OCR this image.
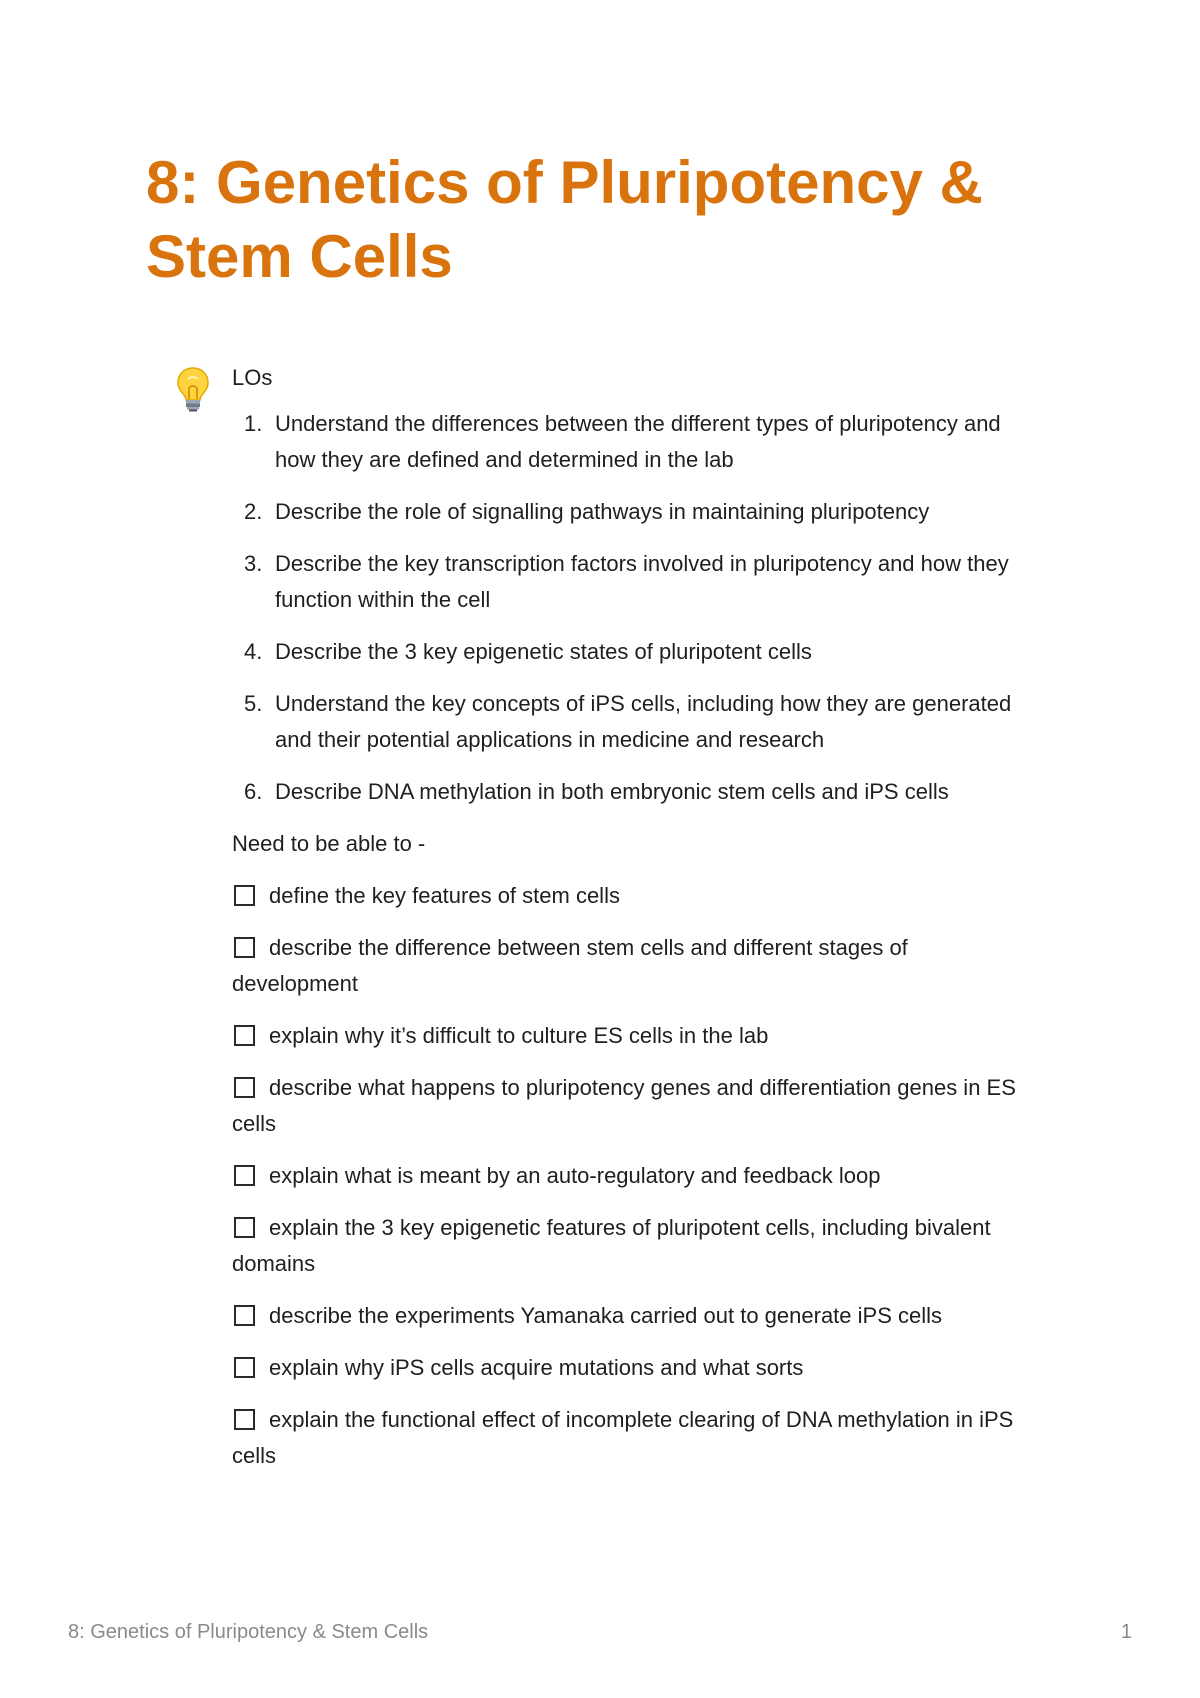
8: Genetics of Pluripotency & Stem Cells
LOs
1. Understand the differences between the different types of pluripotency and how they are defined and determined in the lab
2. Describe the role of signalling pathways in maintaining pluripotency
3. Describe the key transcription factors involved in pluripotency and how they function within the cell
4. Describe the 3 key epigenetic states of pluripotent cells
5. Understand the key concepts of iPS cells, including how they are generated and their potential applications in medicine and research
6. Describe DNA methylation in both embryonic stem cells and iPS cells
Need to be able to -
define the key features of stem cells
describe the difference between stem cells and different stages of development
explain why it’s difficult to culture ES cells in the lab
describe what happens to pluripotency genes and differentiation genes in ES cells
explain what is meant by an auto-regulatory and feedback loop
explain the 3 key epigenetic features of pluripotent cells, including bivalent domains
describe the experiments Yamanaka carried out to generate iPS cells
explain why iPS cells acquire mutations and what sorts
explain the functional effect of incomplete clearing of DNA methylation in iPS cells
8: Genetics of Pluripotency & Stem Cells	1
